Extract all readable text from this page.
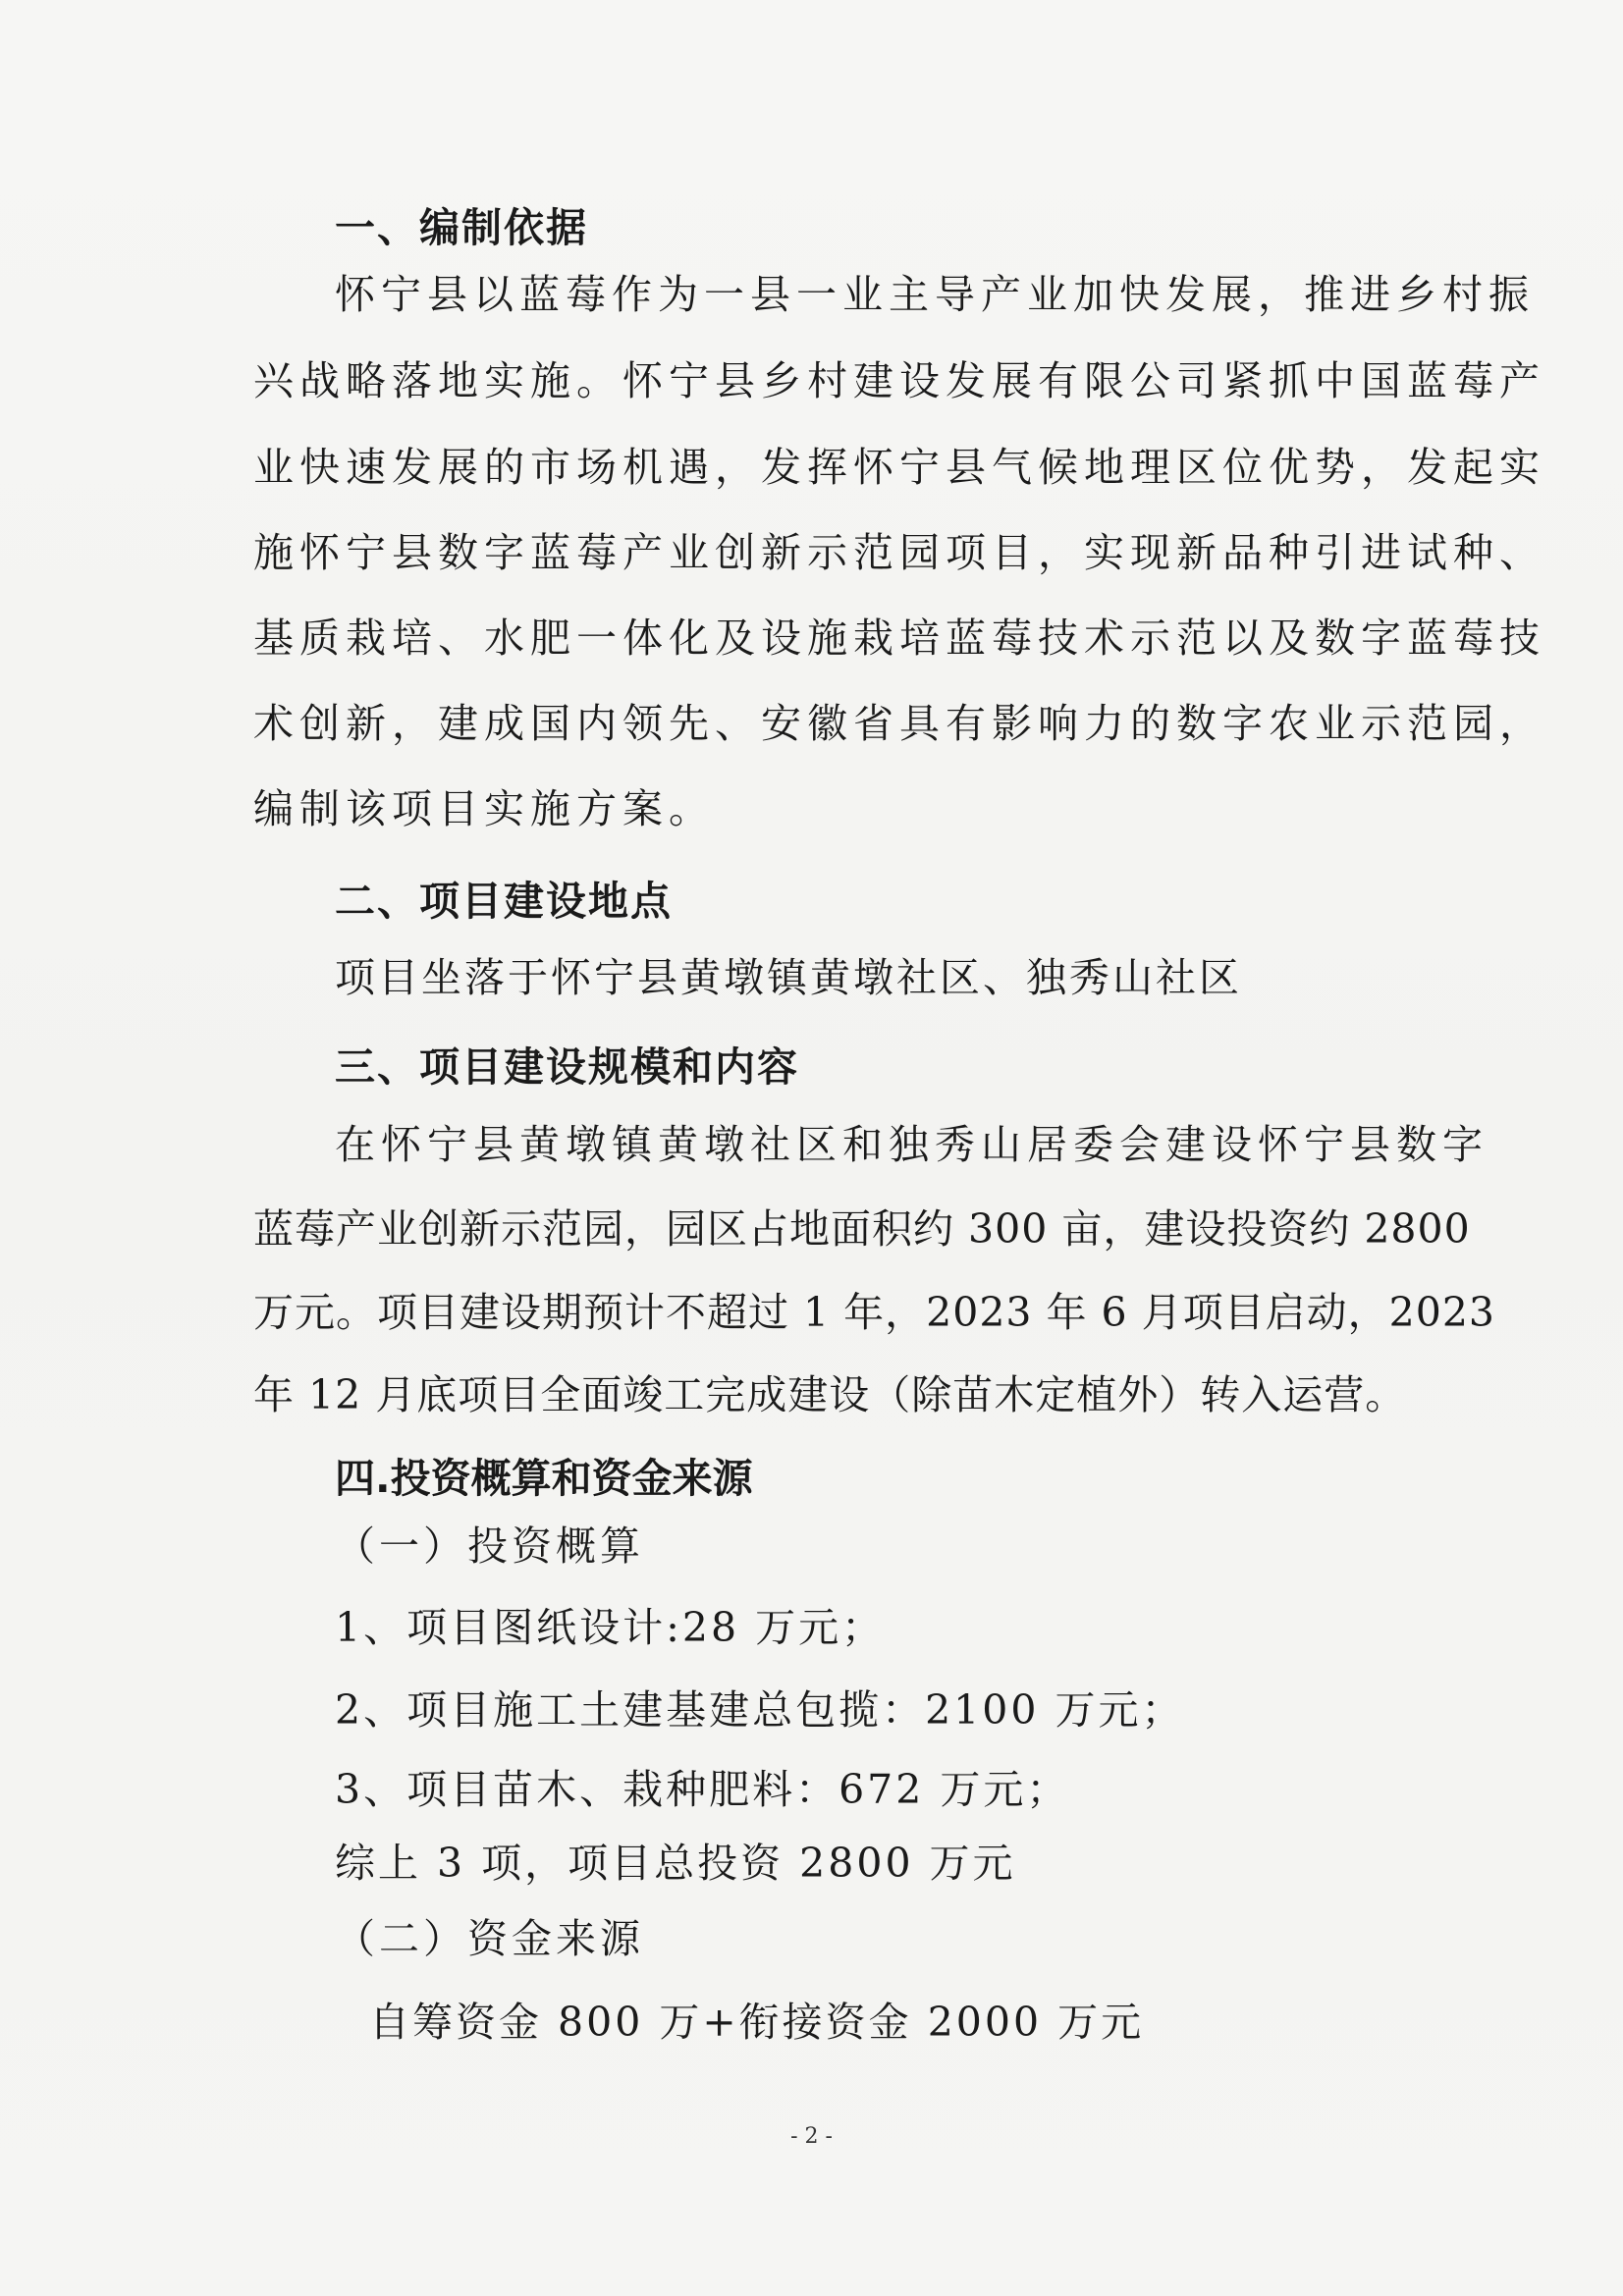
一、编制依据
怀宁县以蓝莓作为一县一业主导产业加快发展，推进乡村振
兴战略落地实施。怀宁县乡村建设发展有限公司紧抓中国蓝莓产
业快速发展的市场机遇，发挥怀宁县气候地理区位优势，发起实
施怀宁县数字蓝莓产业创新示范园项目，实现新品种引进试种、
基质栽培、水肥一体化及设施栽培蓝莓技术示范以及数字蓝莓技
术创新，建成国内领先、安徽省具有影响力的数字农业示范园，
编制该项目实施方案。
二、项目建设地点
项目坐落于怀宁县黄墩镇黄墩社区、独秀山社区
三、项目建设规模和内容
在怀宁县黄墩镇黄墩社区和独秀山居委会建设怀宁县数字
蓝莓产业创新示范园，园区占地面积约 300 亩，建设投资约 2800
万元。项目建设期预计不超过 1 年，2023 年 6 月项目启动，2023
年 12 月底项目全面竣工完成建设（除苗木定植外）转入运营。
四.投资概算和资金来源
（一）投资概算
1、项目图纸设计:28 万元；
2、项目施工土建基建总包揽：2100 万元；
3、项目苗木、栽种肥料：672 万元；
综上 3 项，项目总投资 2800 万元
（二）资金来源
自筹资金 800 万+衔接资金 2000 万元
- 2 -
